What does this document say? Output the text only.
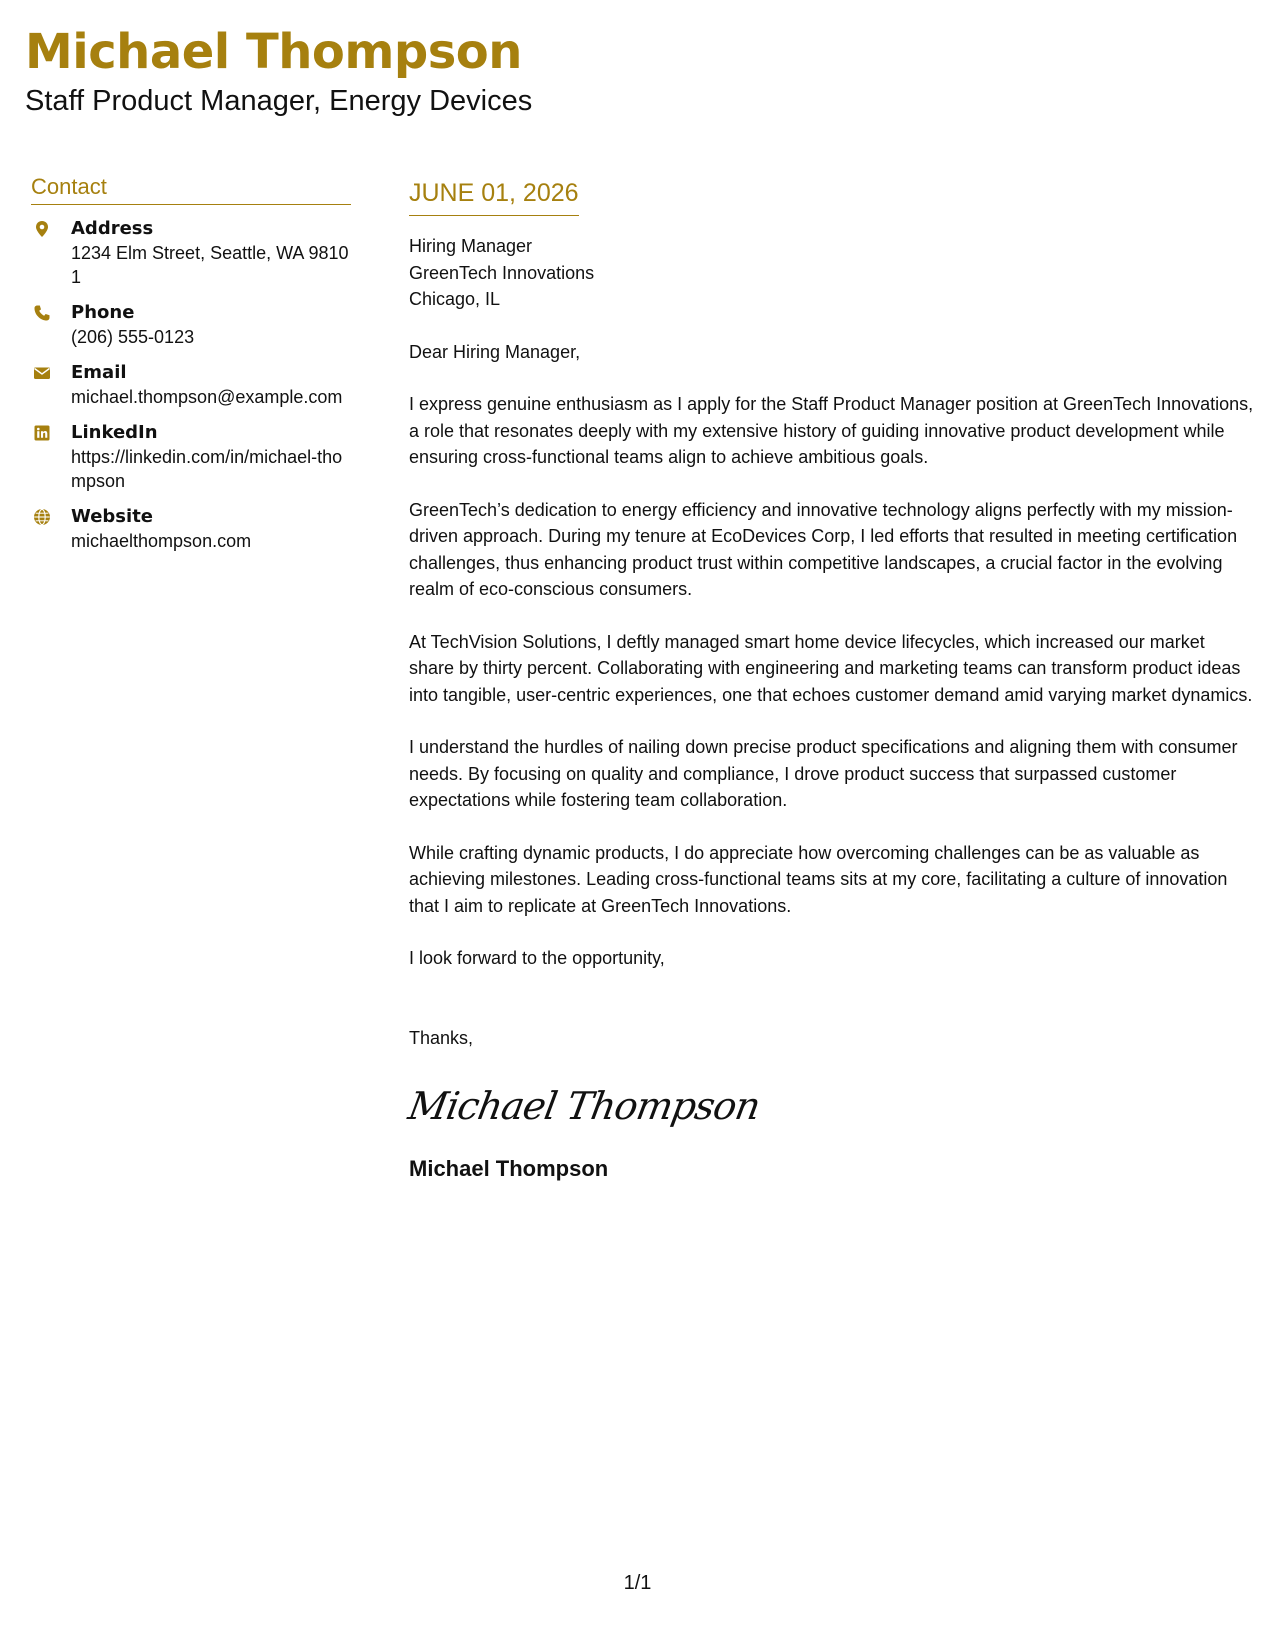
Michael Thompson
Staff Product Manager, Energy Devices
Contact
Address
1234 Elm Street, Seattle, WA 98101
Phone
(206) 555-0123
Email
michael.thompson@example.com
LinkedIn
https://linkedin.com/in/michael-thompson
Website
michaelthompson.com
JUNE 01, 2026
Hiring Manager
GreenTech Innovations
Chicago, IL
Dear Hiring Manager,
I express genuine enthusiasm as I apply for the Staff Product Manager position at GreenTech Innovations, a role that resonates deeply with my extensive history of guiding innovative product development while ensuring cross-functional teams align to achieve ambitious goals.
GreenTech’s dedication to energy efficiency and innovative technology aligns perfectly with my mission-driven approach. During my tenure at EcoDevices Corp, I led efforts that resulted in meeting certification challenges, thus enhancing product trust within competitive landscapes, a crucial factor in the evolving realm of eco-conscious consumers.
At TechVision Solutions, I deftly managed smart home device lifecycles, which increased our market share by thirty percent. Collaborating with engineering and marketing teams can transform product ideas into tangible, user-centric experiences, one that echoes customer demand amid varying market dynamics.
I understand the hurdles of nailing down precise product specifications and aligning them with consumer needs. By focusing on quality and compliance, I drove product success that surpassed customer expectations while fostering team collaboration.
While crafting dynamic products, I do appreciate how overcoming challenges can be as valuable as achieving milestones. Leading cross-functional teams sits at my core, facilitating a culture of innovation that I aim to replicate at GreenTech Innovations.
I look forward to the opportunity,
Thanks,
Michael Thompson
Michael Thompson
1/1
